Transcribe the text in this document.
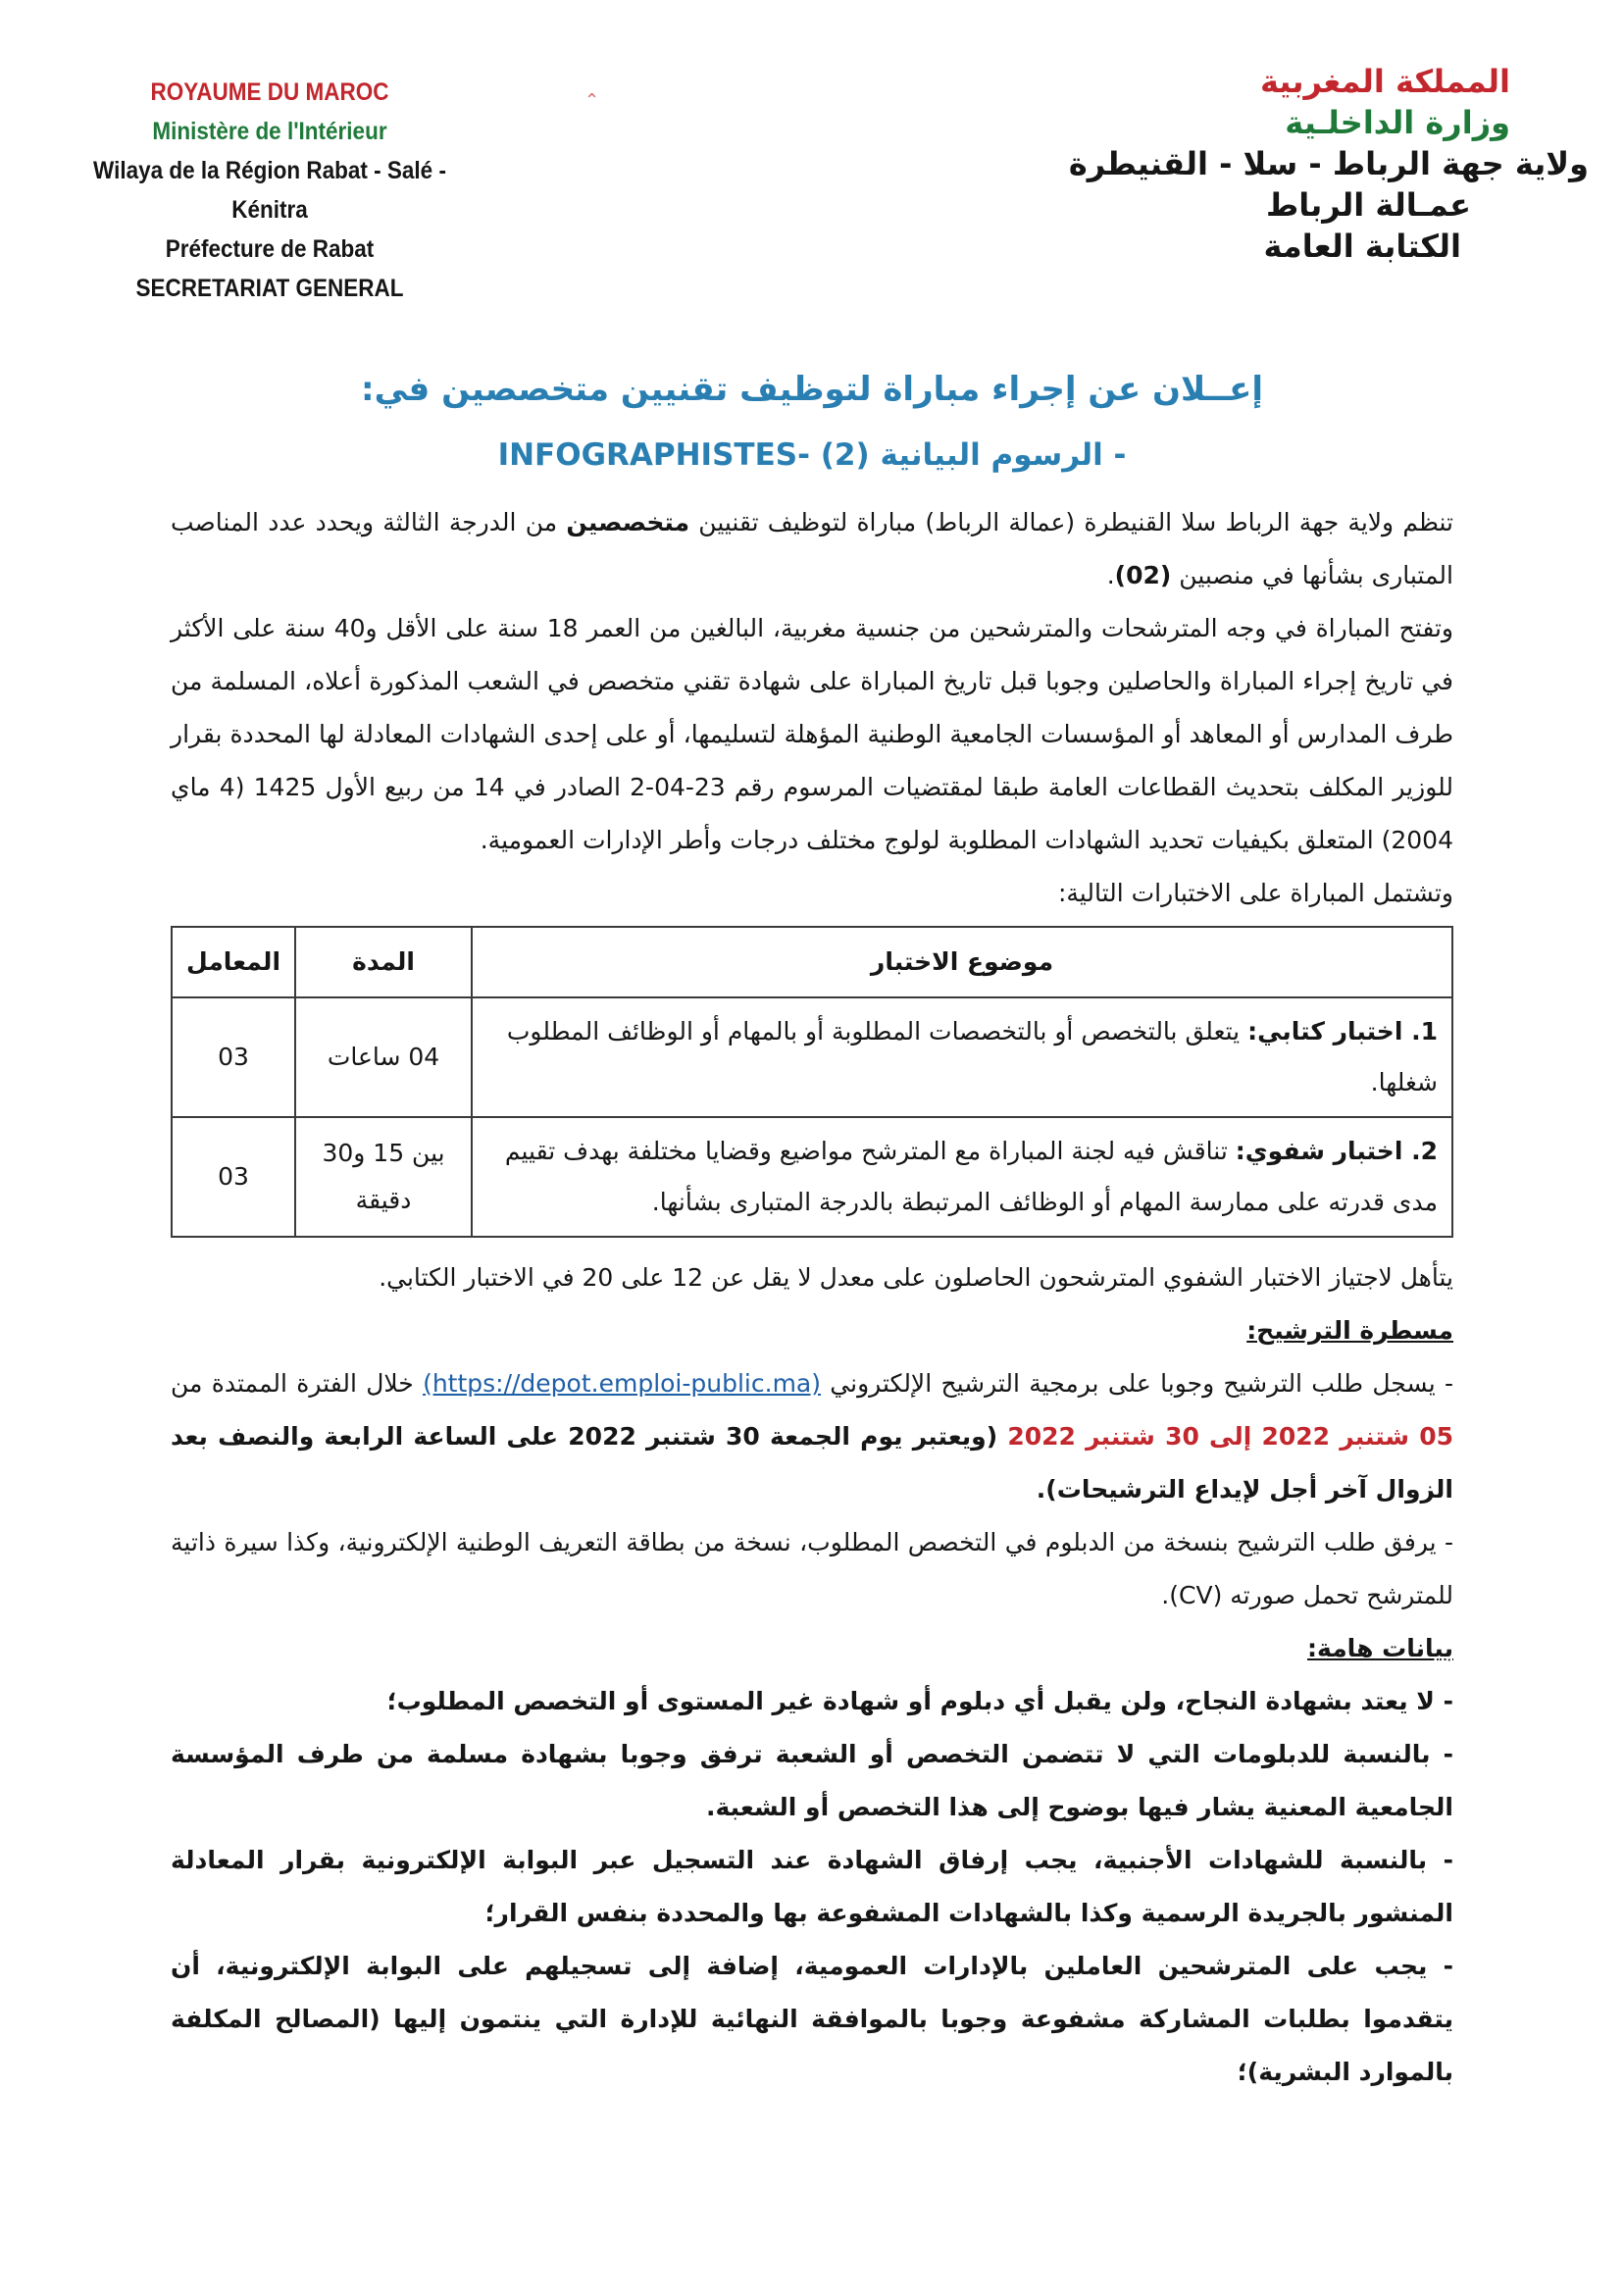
ROYAUME DU MAROC
Ministère de l'Intérieur
Wilaya de la Région Rabat - Salé - Kénitra
Préfecture de Rabat
SECRETARIAT GENERAL
⌃
المملكة المغربية
وزارة الداخلـية
ولاية جهة الرباط - سلا - القنيطرة
عمـالة الرباط
الكتابة العامة
إعــلان عن إجراء مباراة لتوظيف تقنيين متخصصين في:
- الرسوم البيانية (2) -INFOGRAPHISTES

تنظم ولاية جهة الرباط سلا القنيطرة (عمالة الرباط) مباراة لتوظيف تقنيين متخصصين من الدرجة الثالثة ويحدد عدد المناصب المتبارى بشأنها في منصبين (02).

وتفتح المباراة في وجه المترشحات والمترشحين من جنسية مغربية، البالغين من العمر 18 سنة على الأقل و40 سنة على الأكثر في تاريخ إجراء المباراة والحاصلين وجوبا قبل تاريخ المباراة على شهادة تقني متخصص في الشعب المذكورة أعلاه، المسلمة من طرف المدارس أو المعاهد أو المؤسسات الجامعية الوطنية المؤهلة لتسليمها، أو على إحدى الشهادات المعادلة لها المحددة بقرار للوزير المكلف بتحديث القطاعات العامة طبقا لمقتضيات المرسوم رقم 23-04-2 الصادر في 14 من ربيع الأول 1425 (4 ماي 2004) المتعلق بكيفيات تحديد الشهادات المطلوبة لولوج مختلف درجات وأطر الإدارات العمومية.

وتشتمل المباراة على الاختبارات التالية:

موضوع الاختبار	المدة	المعامل
1. اختبار كتابي: يتعلق بالتخصص أو بالتخصصات المطلوبة أو بالمهام أو الوظائف المطلوب شغلها.	04 ساعات	03
2. اختبار شفوي: تناقش فيه لجنة المباراة مع المترشح مواضيع وقضايا مختلفة بهدف تقييم مدى قدرته على ممارسة المهام أو الوظائف المرتبطة بالدرجة المتبارى بشأنها.	بين 15 و30 دقيقة	03

يتأهل لاجتياز الاختبار الشفوي المترشحون الحاصلون على معدل لا يقل عن 12 على 20 في الاختبار الكتابي.

مسطرة الترشيح:

- يسجل طلب الترشيح وجوبا على برمجية الترشيح الإلكتروني (https://depot.emploi-public.ma) خلال الفترة الممتدة من 05 شتنبر 2022 إلى 30 شتنبر 2022 (ويعتبر يوم الجمعة 30 شتنبر 2022 على الساعة الرابعة والنصف بعد الزوال آخر أجل لإيداع الترشيحات).

- يرفق طلب الترشيح بنسخة من الدبلوم في التخصص المطلوب، نسخة من بطاقة التعريف الوطنية الإلكترونية، وكذا سيرة ذاتية للمترشح تحمل صورته (CV).

بيانات هامة:

- لا يعتد بشهادة النجاح، ولن يقبل أي دبلوم أو شهادة غير المستوى أو التخصص المطلوب؛

- بالنسبة للدبلومات التي لا تتضمن التخصص أو الشعبة ترفق وجوبا بشهادة مسلمة من طرف المؤسسة الجامعية المعنية يشار فيها بوضوح إلى هذا التخصص أو الشعبة.

- بالنسبة للشهادات الأجنبية، يجب إرفاق الشهادة عند التسجيل عبر البوابة الإلكترونية بقرار المعادلة المنشور بالجريدة الرسمية وكذا بالشهادات المشفوعة بها والمحددة بنفس القرار؛

- يجب على المترشحين العاملين بالإدارات العمومية، إضافة إلى تسجيلهم على البوابة الإلكترونية، أن يتقدموا بطلبات المشاركة مشفوعة وجوبا بالموافقة النهائية للإدارة التي ينتمون إليها (المصالح المكلفة بالموارد البشرية)؛
